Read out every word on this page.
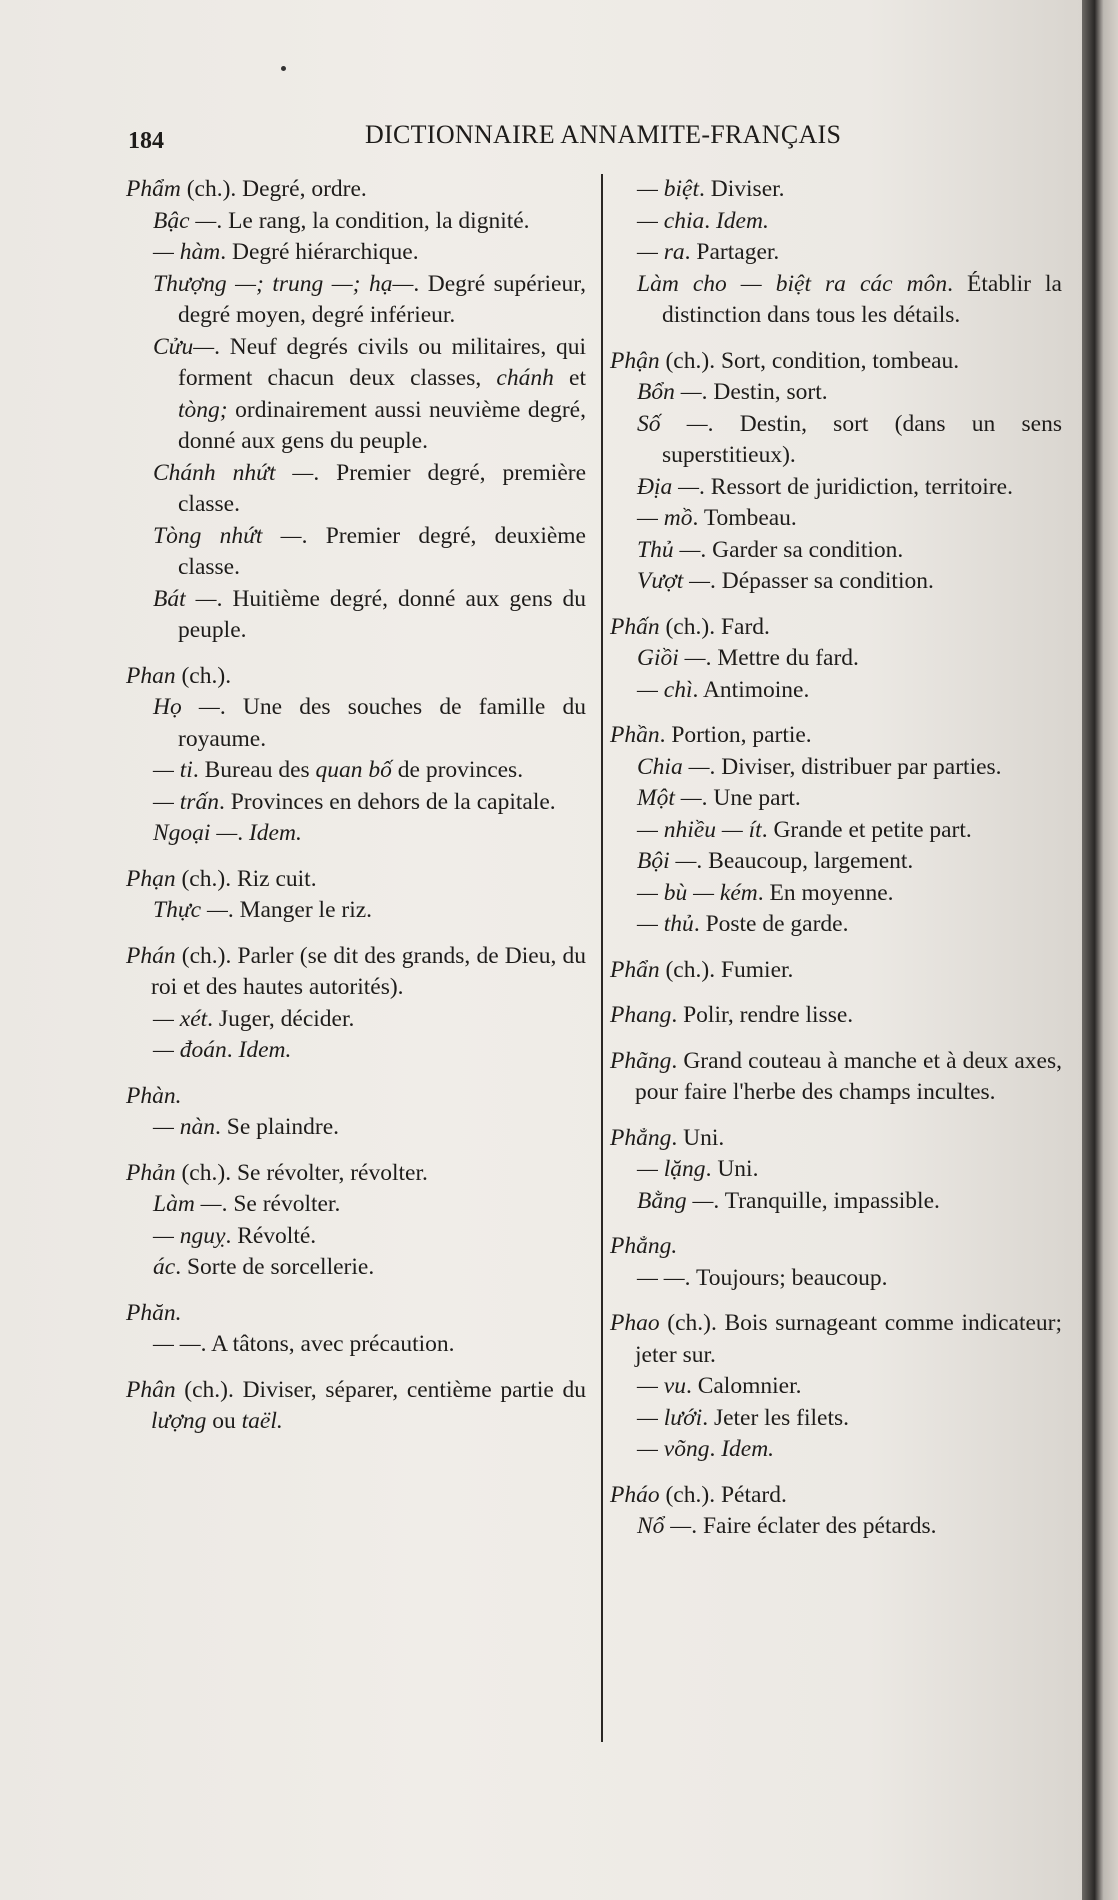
184	DICTIONNAIRE ANNAMITE-FRANÇAIS
Phẩm (ch.). Degré, ordre.
Bậc —. Le rang, la condition, la dignité.
— hàm. Degré hiérarchique.
Thượng —; trung —; hạ—. Degré supérieur, degré moyen, degré inférieur.
Cửu—. Neuf degrés civils ou militaires, qui forment chacun deux classes, chánh et tòng; ordinairement aussi neuvième degré, donné aux gens du peuple.
Chánh nhứt —. Premier degré, première classe.
Tòng nhứt —. Premier degré, deuxième classe.
Bát —. Huitième degré, donné aux gens du peuple.
Phan (ch.).
Họ —. Une des souches de famille du royaume.
— ti. Bureau des quan bố de provinces.
— trấn. Provinces en dehors de la capitale.
Ngoại —. Idem.
Phạn (ch.). Riz cuit.
Thực —. Manger le riz.
Phán (ch.). Parler (se dit des grands, de Dieu, du roi et des hautes autorités).
— xét. Juger, décider.
— đoán. Idem.
Phàn.
— nàn. Se plaindre.
Phản (ch.). Se révolter, révolter.
Làm —. Se révolter.
— nguỵ. Révolté.
ác. Sorte de sorcellerie.
Phăn.
— —. A tâtons, avec précaution.
Phân (ch.). Diviser, séparer, centième partie du lượng ou taël.
— biệt. Diviser.
— chia. Idem.
— ra. Partager.
Làm cho — biệt ra các môn. Établir la distinction dans tous les détails.
Phận (ch.). Sort, condition, tombeau.
Bổn —. Destin, sort.
Số —. Destin, sort (dans un sens superstitieux).
Địa —. Ressort de juridiction, territoire.
— mồ. Tombeau.
Thủ —. Garder sa condition.
Vượt —. Dépasser sa condition.
Phấn (ch.). Fard.
Giồi —. Mettre du fard.
— chì. Antimoine.
Phần. Portion, partie.
Chia —. Diviser, distribuer par parties.
Một —. Une part.
— nhiều — ít. Grande et petite part.
Bội —. Beaucoup, largement.
— bù — kém. En moyenne.
— thủ. Poste de garde.
Phẩn (ch.). Fumier.
Phang. Polir, rendre lisse.
Phãng. Grand couteau à manche et à deux axes, pour faire l'herbe des champs incultes.
Phẳng. Uni.
— lặng. Uni.
Bằng —. Tranquille, impassible.
Phẳng.
— —. Toujours; beaucoup.
Phao (ch.). Bois surnageant comme indicateur; jeter sur.
— vu. Calomnier.
— lưới. Jeter les filets.
— võng. Idem.
Pháo (ch.). Pétard.
Nổ —. Faire éclater des pétards.
